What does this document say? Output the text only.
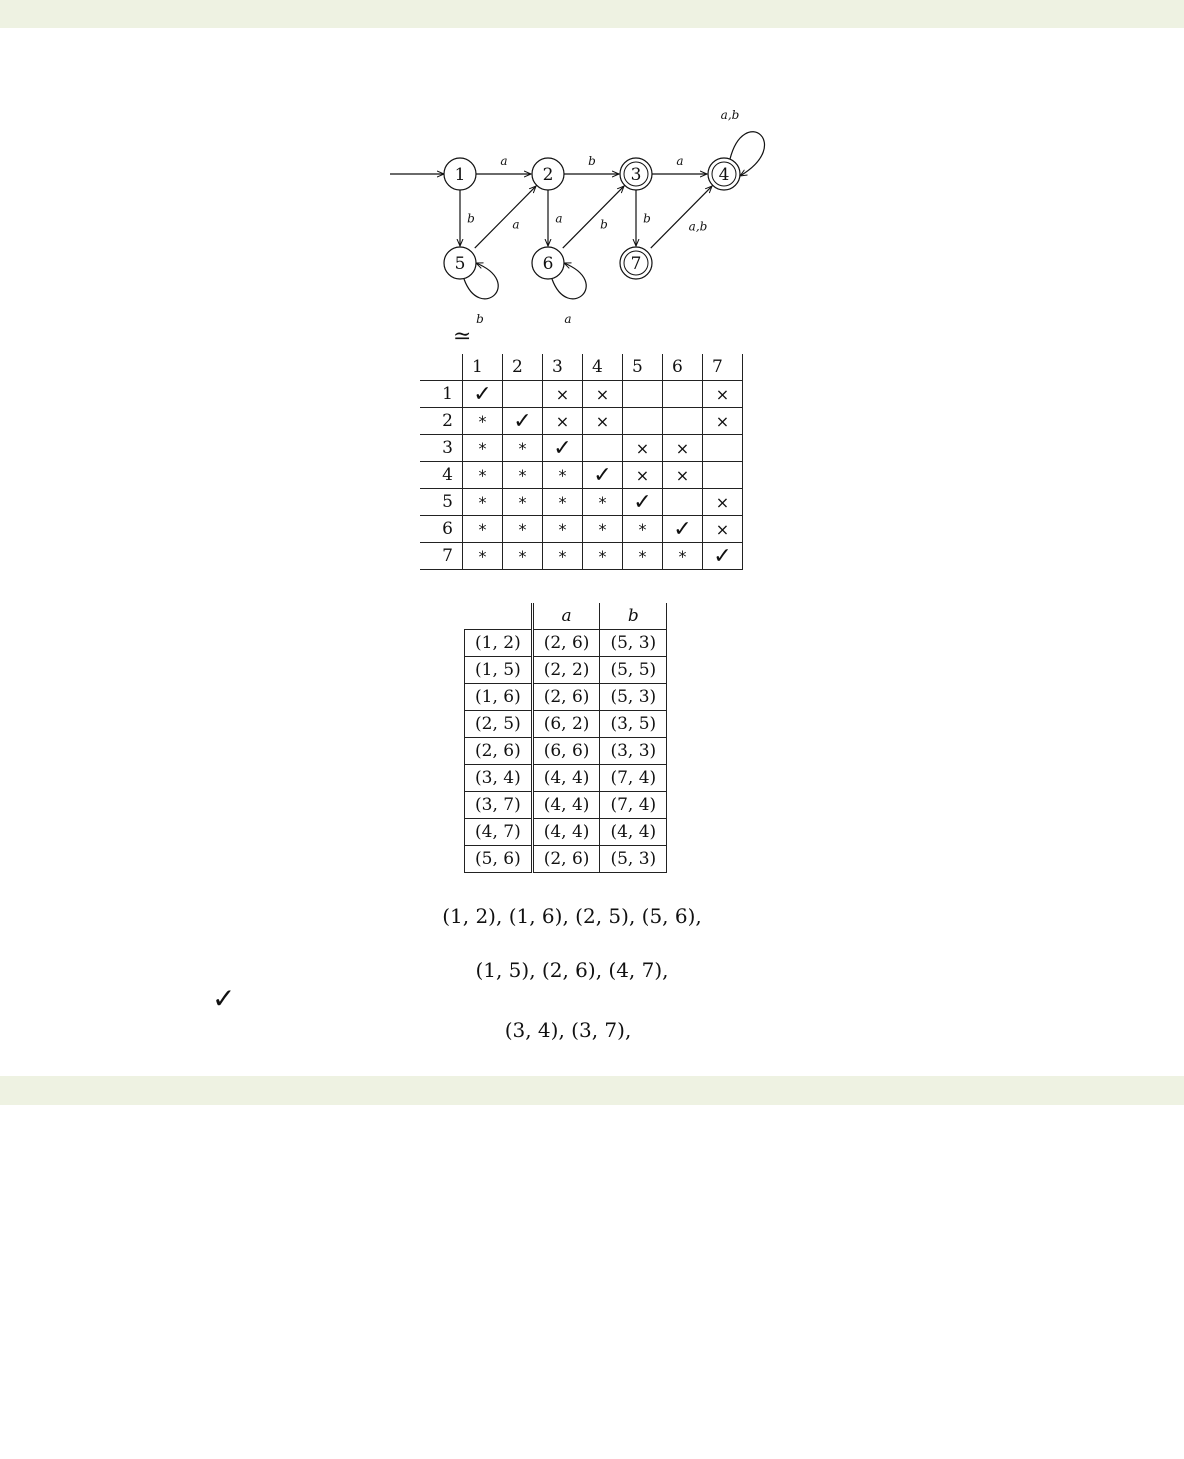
1	2	3	4
5	6	7
a	b	a
a,b
b	a
b
a	b
a
b
a,b
≃
	1	2	3	4	5	6	7
1	✓		×	×			×
2	*	✓	×	×			×
3	*	*	✓		×	×	
4	*	*	*	✓	×	×	
5	*	*	*	*	✓		×
6	*	*	*	*	*	✓	×
7	*	*	*	*	*	*	✓
	a	b
(1, 2)	(2, 6)	(5, 3)
(1, 5)	(2, 2)	(5, 5)
(1, 6)	(2, 6)	(5, 3)
(2, 5)	(6, 2)	(3, 5)
(2, 6)	(6, 6)	(3, 3)
(3, 4)	(4, 4)	(7, 4)
(3, 7)	(4, 4)	(7, 4)
(4, 7)	(4, 4)	(4, 4)
(5, 6)	(2, 6)	(5, 3)
(1, 2), (1, 6), (2, 5), (5, 6),
(1, 5), (2, 6), (4, 7),
(3, 4), (3, 7),
✓
